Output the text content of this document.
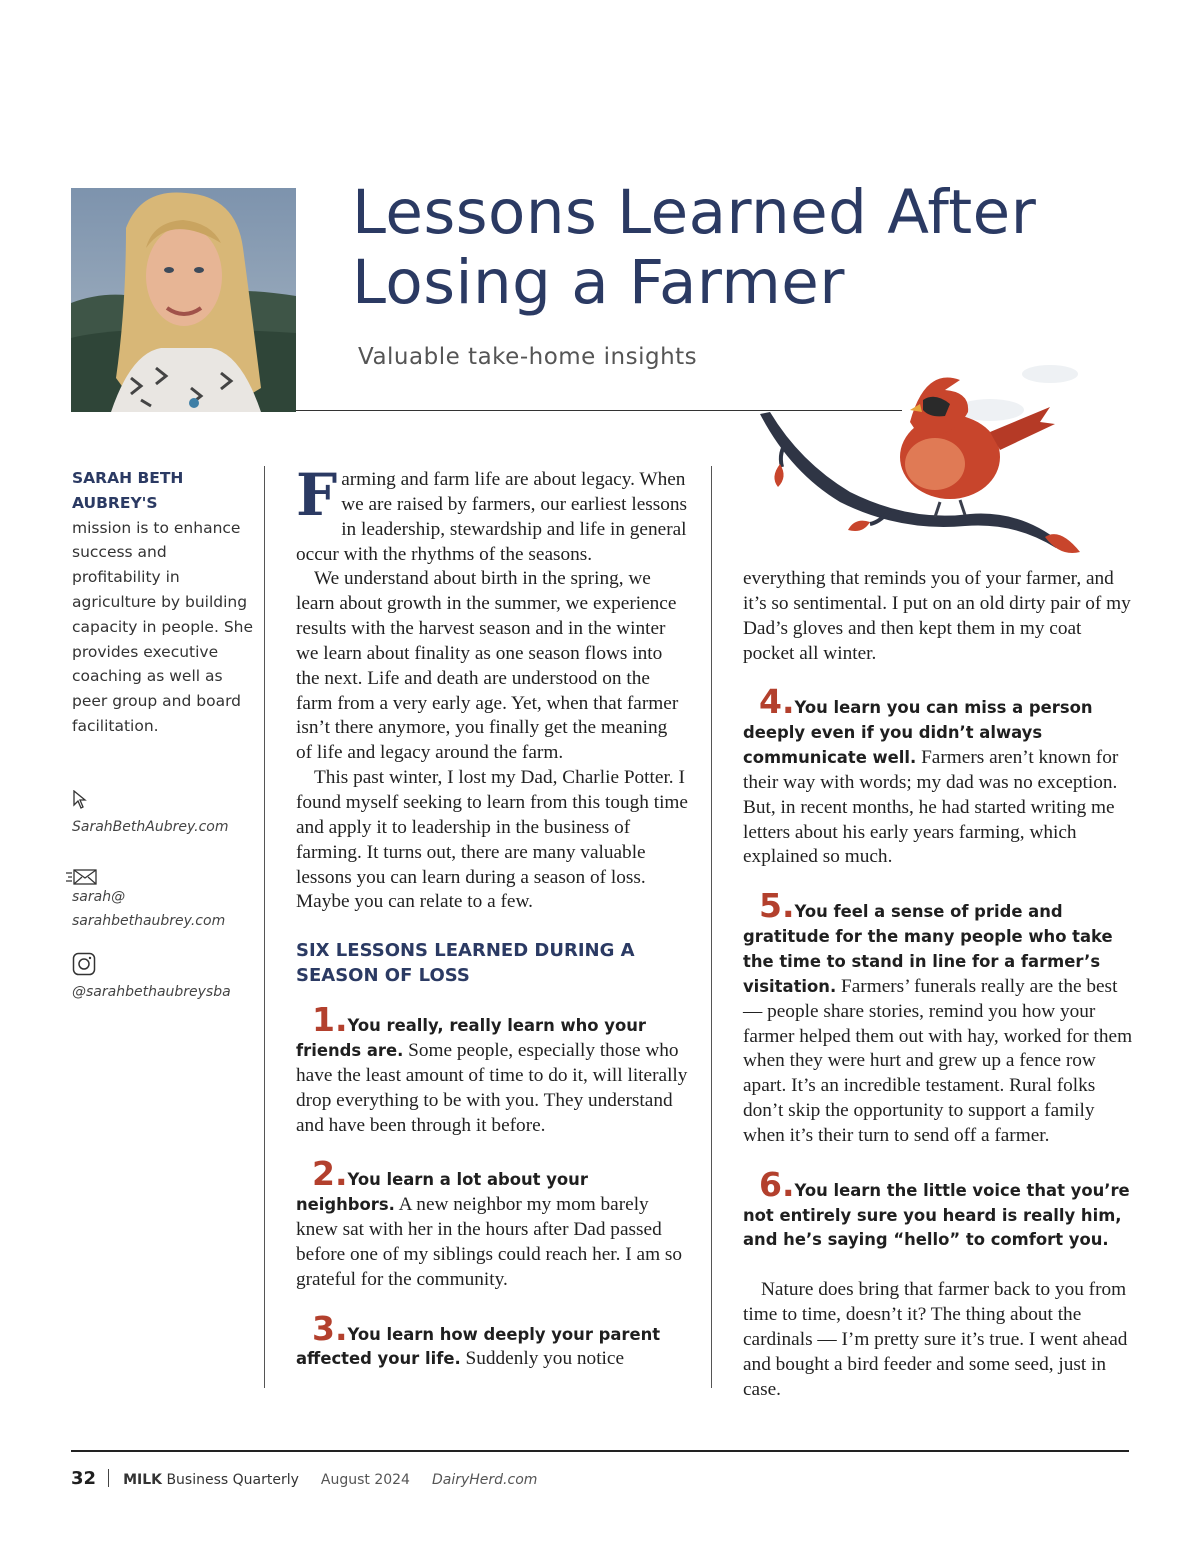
Lessons Learned After
Losing a Farmer
Valuable take-home insights
SARAH BETH AUBREY'S
mission is to enhance success and profitability in agriculture by building capacity in people. She provides executive coaching as well as peer group and board facilitation.
SarahBethAubrey.com
sarah@
sarahbethaubrey.com
@sarahbethaubreysba

Farming and farm life are about legacy. When we are raised by farmers, our earliest lessons in leadership, stewardship and life in general occur with the rhythms of the seasons.

We understand about birth in the spring, we learn about growth in the summer, we experience results with the harvest season and in the winter we learn about finality as one season flows into the next. Life and death are understood on the farm from a very early age. Yet, when that farmer isn’t there anymore, you finally get the meaning of life and legacy around the farm.

This past winter, I lost my Dad, Charlie Potter. I found myself seeking to learn from this tough time and apply it to leadership in the business of farming. It turns out, there are many valuable lessons you can learn during a season of loss. Maybe you can relate to a few.

SIX LESSONS LEARNED DURING A SEASON OF LOSS

1.You really, really learn who your friends are. Some people, especially those who have the least amount of time to do it, will literally drop everything to be with you. They understand and have been through it before.

2.You learn a lot about your neighbors. A new neighbor my mom barely knew sat with her in the hours after Dad passed before one of my siblings could reach her. I am so grateful for the community.

3.You learn how deeply your parent affected your life. Suddenly you notice

everything that reminds you of your farmer, and it’s so sentimental. I put on an old dirty pair of my Dad’s gloves and then kept them in my coat pocket all winter.

4.You learn you can miss a person deeply even if you didn’t always communicate well. Farmers aren’t known for their way with words; my dad was no exception. But, in recent months, he had started writing me letters about his early years farming, which explained so much.

5.You feel a sense of pride and gratitude for the many people who take the time to stand in line for a farmer’s visitation. Farmers’ funerals really are the best — people share stories, remind you how your farmer helped them out with hay, worked for them when they were hurt and grew up a fence row apart. It’s an incredible testament. Rural folks don’t skip the opportunity to support a family when it’s their turn to send off a farmer.

6.You learn the little voice that you’re not entirely sure you heard is really him, and he’s saying “hello” to comfort you.

Nature does bring that farmer back to you from time to time, doesn’t it? The thing about the cardinals — I’m pretty sure it’s true. I went ahead and bought a bird feeder and some seed, just in case.

32 MILK Business Quarterly August 2024 DairyHerd.com
